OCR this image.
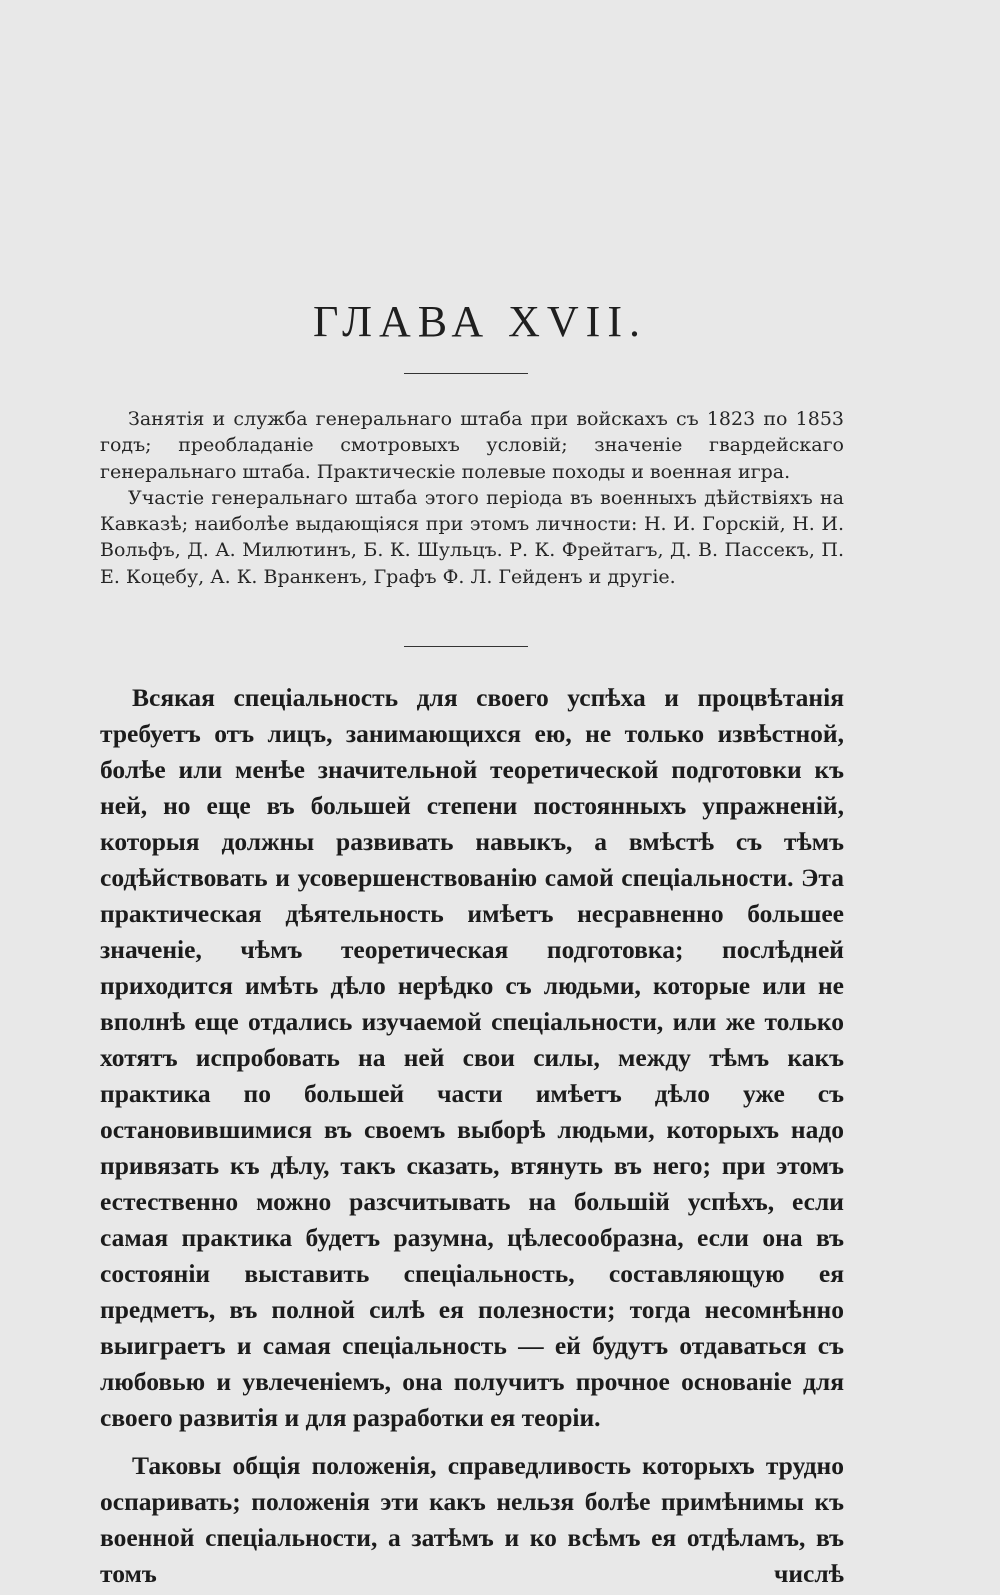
ГЛАВА XVII.

Занятія и служба генеральнаго штаба при войскахъ съ 1823 по 1853 годъ; преобладаніе смотровыхъ условій; значеніе гвардейскаго генеральнаго штаба. Практическіе полевые походы и военная игра.

Участіе генеральнаго штаба этого періода въ военныхъ дѣйствіяхъ на Кавказѣ; наиболѣе выдающіяся при этомъ личности: Н. И. Горскій, Н. И. Вольфъ, Д. А. Милютинъ, Б. К. Шульцъ. Р. К. Фрейтагъ, Д. В. Пассекъ, П. Е. Коцебу, А. К. Вранкенъ, Графъ Ф. Л. Гейденъ и другіе.

Всякая спеціальность для своего успѣха и процвѣтанія требуетъ отъ лицъ, занимающихся ею, не только извѣстной, болѣе или менѣе значительной теоретической подготовки къ ней, но еще въ большей степени постоянныхъ упражненій, которыя должны развивать навыкъ, а вмѣстѣ съ тѣмъ содѣйствовать и усовершенствованію самой спеціальности. Эта практическая дѣятельность имѣетъ несравненно большее значеніе, чѣмъ теоретическая подготовка; послѣдней приходится имѣть дѣло нерѣдко съ людьми, которые или не вполнѣ еще отдались изучаемой спеціальности, или же только хотятъ испробовать на ней свои силы, между тѣмъ какъ практика по большей части имѣетъ дѣло уже съ остановившимися въ своемъ выборѣ людьми, которыхъ надо привязать къ дѣлу, такъ сказать, втянуть въ него; при этомъ естественно можно разсчитывать на большій успѣхъ, если самая практика будетъ разумна, цѣлесообразна, если она въ состояніи выставить спеціальность, составляющую ея предметъ, въ полной силѣ ея полезности; тогда несомнѣнно выиграетъ и самая спеціальность — ей будутъ отдаваться съ любовью и увлеченіемъ, она получитъ прочное основаніе для своего развитія и для разработки ея теоріи.

Таковы общія положенія, справедливость которыхъ трудно оспаривать; положенія эти какъ нельзя болѣе примѣнимы къ военной спеціальности, а затѣмъ и ко всѣмъ ея отдѣламъ, въ томъ числѣ
